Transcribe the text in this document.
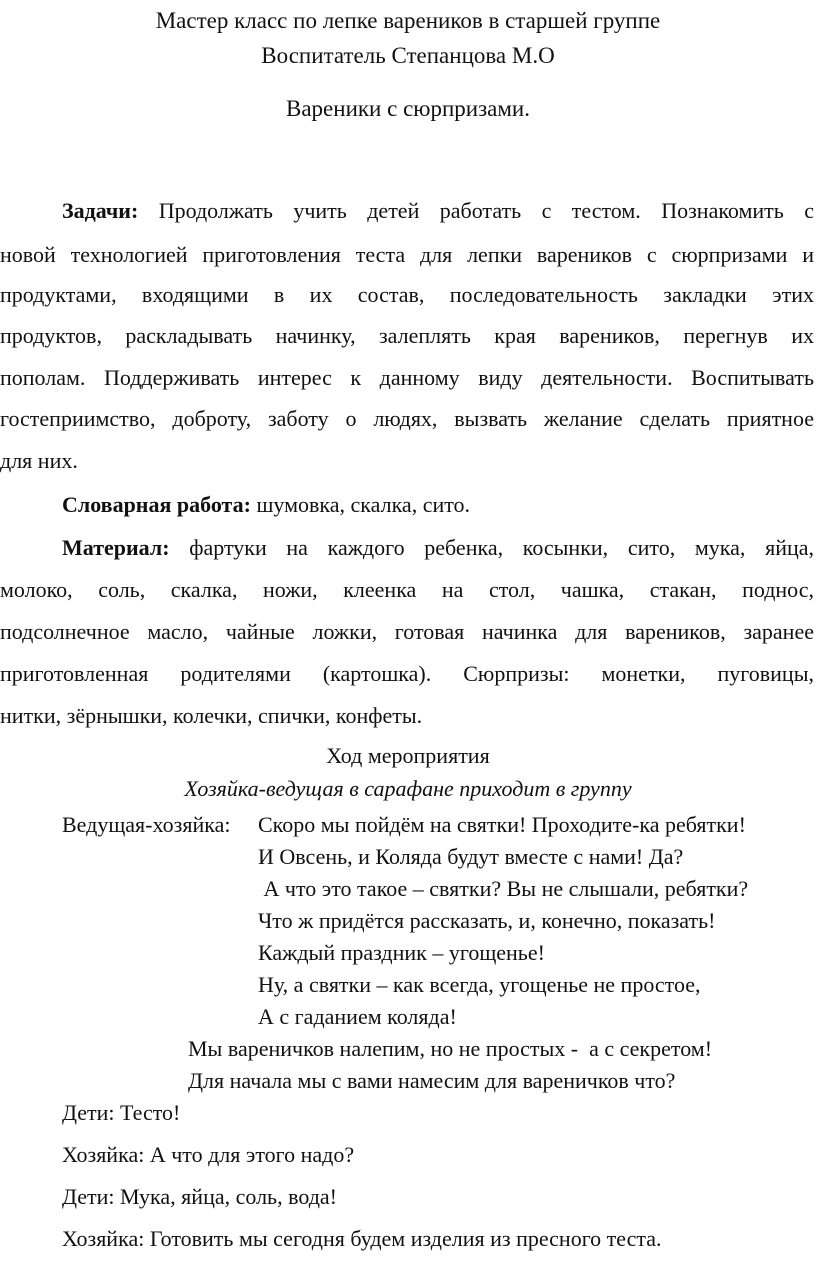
Мастер класс по лепке вареников в старшей группе
Воспитатель Степанцова М.О
Вареники с сюрпризами.
Задачи: Продолжать учить детей работать с тестом. Познакомить с
новой технологией приготовления теста для лепки вареников с сюрпризами и
продуктами, входящими в их состав, последовательность закладки этих
продуктов, раскладывать начинку, залеплять края вареников, перегнув их
пополам. Поддерживать интерес к данному виду деятельности. Воспитывать
гостеприимство, доброту, заботу о людях, вызвать желание сделать приятное
для них.
Словарная работа: шумовка, скалка, сито.
Материал: фартуки на каждого ребенка, косынки, сито, мука, яйца,
молоко, соль, скалка, ножи, клеенка на стол, чашка, стакан, поднос,
подсолнечное масло, чайные ложки, готовая начинка для вареников, заранее
приготовленная родителями (картошка). Сюрпризы: монетки, пуговицы,
нитки, зёрнышки, колечки, спички, конфеты.
Ход мероприятия
Хозяйка-ведущая в сарафане приходит в группу
Ведущая-хозяйка: Скоро мы пойдём на святки! Проходите-ка ребятки!
И Овсень, и Коляда будут вместе с нами! Да?
А что это такое – святки? Вы не слышали, ребятки?
Что ж придётся рассказать, и, конечно, показать!
Каждый праздник – угощенье!
Ну, а святки – как всегда, угощенье не простое,
А с гаданием коляда!
Мы вареничков налепим, но не простых -  а с секретом!
Для начала мы с вами намесим для вареничков что?
Дети: Тесто!
Хозяйка: А что для этого надо?
Дети: Мука, яйца, соль, вода!
Хозяйка: Готовить мы сегодня будем изделия из пресного теста.
